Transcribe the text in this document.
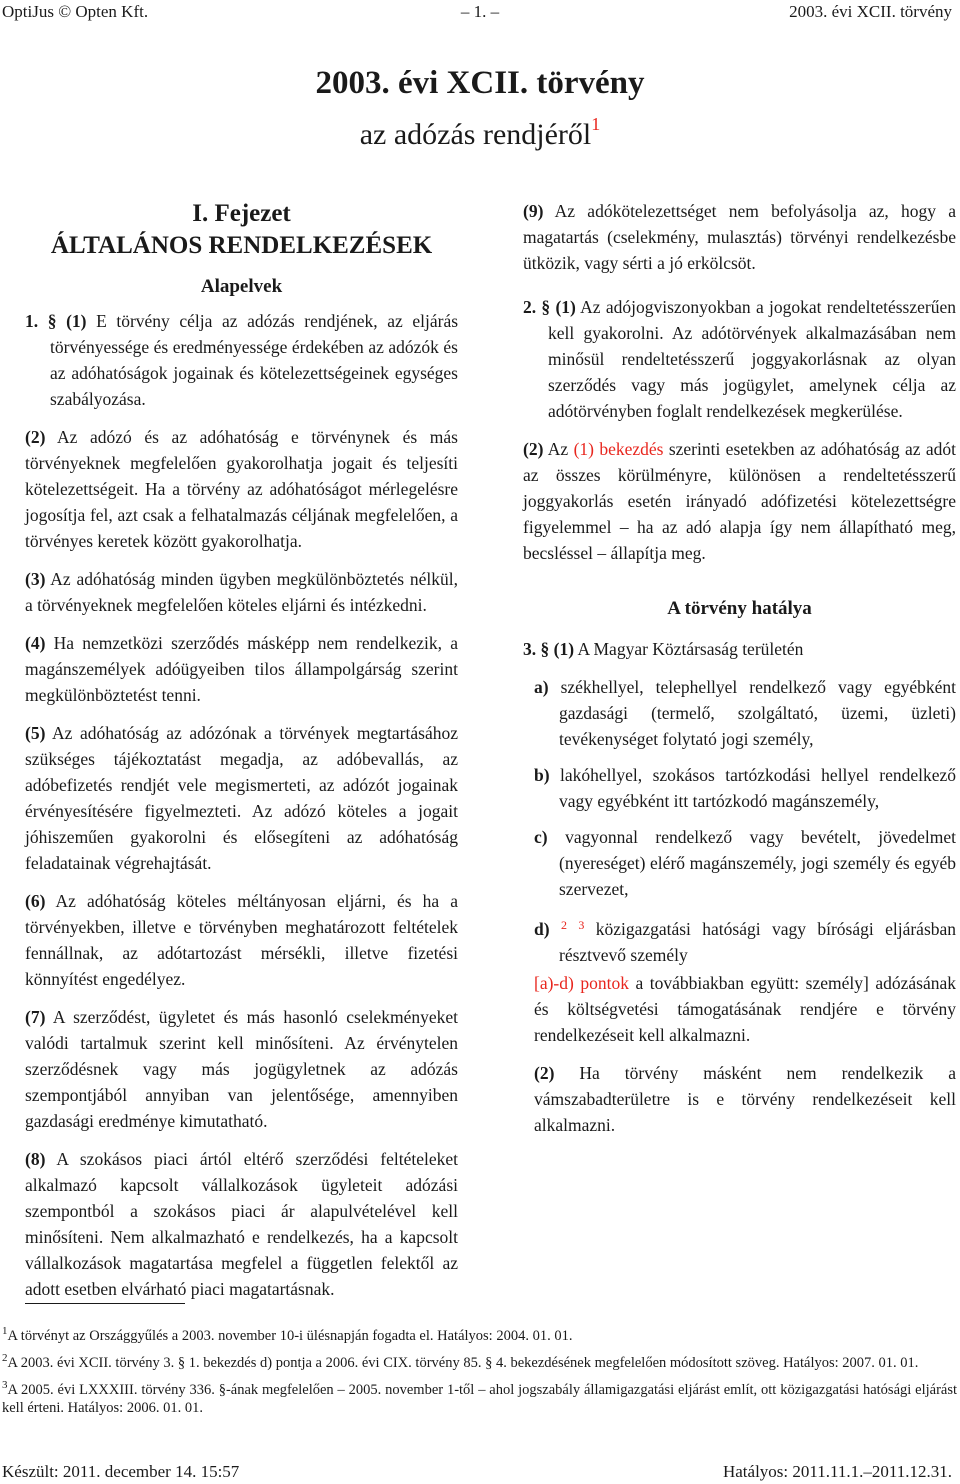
OptiJus © Opten Kft.	– 1. –	2003. évi XCII. törvény
2003. évi XCII. törvény
az adózás rendjéről$^1$
I. Fejezet
ÁLTALÁNOS RENDELKEZÉSEK
Alapelvek

1. § (1) E törvény célja az adózás rendjének, az eljárás törvényessége és eredményessége érdekében az adózók és az adóhatóságok jogainak és kötelezettségeinek egységes szabályozása.

(2) Az adózó és az adóhatóság e törvénynek és más törvényeknek megfelelően gyakorolhatja jogait és teljesíti kötelezettségeit. Ha a törvény az adóhatóságot mérlegelésre jogosítja fel, azt csak a felhatalmazás céljának megfelelően, a törvényes keretek között gyakorolhatja.

(3) Az adóhatóság minden ügyben megkülönböztetés nélkül, a törvényeknek megfelelően köteles eljárni és intézkedni.

(4) Ha nemzetközi szerződés másképp nem rendelkezik, a magánszemélyek adóügyeiben tilos állampolgárság szerint megkülönböztetést tenni.

(5) Az adóhatóság az adózónak a törvények megtartásához szükséges tájékoztatást megadja, az adóbevallás, az adóbefizetés rendjét vele megismerteti, az adózót jogainak érvényesítésére figyelmezteti. Az adózó köteles a jogait jóhiszeműen gyakorolni és elősegíteni az adóhatóság feladatainak végrehajtását.

(6) Az adóhatóság köteles méltányosan eljárni, és ha a törvényekben, illetve e törvényben meghatározott feltételek fennállnak, az adótartozást mérsékli, illetve fizetési könnyítést engedélyez.

(7) A szerződést, ügyletet és más hasonló cselekményeket valódi tartalmuk szerint kell minősíteni. Az érvénytelen szerződésnek vagy más jogügyletnek az adózás szempontjából annyiban van jelentősége, amennyiben gazdasági eredménye kimutatható.

(8) A szokásos piaci ártól eltérő szerződési feltételeket alkalmazó kapcsolt vállalkozások ügyleteit adózási szempontból a szokásos piaci ár alapulvételével kell minősíteni. Nem alkalmazható e rendelkezés, ha a kapcsolt vállalkozások magatartása megfelel a független felektől az adott esetben elvárható piaci magatartásnak.

(9) Az adókötelezettséget nem befolyásolja az, hogy a magatartás (cselekmény, mulasztás) törvényi rendelkezésbe ütközik, vagy sérti a jó erkölcsöt.

2. § (1) Az adójogviszonyokban a jogokat rendeltetésszerűen kell gyakorolni. Az adótörvények alkalmazásában nem minősül rendeltetésszerű joggyakorlásnak az olyan szerződés vagy más jogügylet, amelynek célja az adótörvényben foglalt rendelkezések megkerülése.

(2) Az (1) bekezdés szerinti esetekben az adóhatóság az adót az összes körülményre, különösen a rendeltetésszerű joggyakorlás esetén irányadó adófizetési kötelezettségre figyelemmel – ha az adó alapja így nem állapítható meg, becsléssel – állapítja meg.

A törvény hatálya

3. § (1) A Magyar Köztársaság területén

a) székhellyel, telephellyel rendelkező vagy egyébként gazdasági (termelő, szolgáltató, üzemi, üzleti) tevékenységet folytató jogi személy,
b) lakóhellyel, szokásos tartózkodási hellyel rendelkező vagy egyébként itt tartózkodó magánszemély,
c) vagyonnal rendelkező vagy bevételt, jövedelmet (nyereséget) elérő magánszemély, jogi személy és egyéb szervezet,
d) $^2$ $^3$ közigazgatási hatósági vagy bírósági eljárásban résztvevő személy

[a)-d) pontok a továbbiakban együtt: személy] adózásának és költségvetési támogatásának rendjére e törvény rendelkezéseit kell alkalmazni.

(2) Ha törvény másként nem rendelkezik a vámszabadterületre is e törvény rendelkezéseit kell alkalmazni.

$^1$A törvényt az Országgyűlés a 2003. november 10-i ülésnapján fogadta el. Hatályos: 2004. 01. 01.
$^2$A 2003. évi XCII. törvény 3. § 1. bekezdés d) pontja a 2006. évi CIX. törvény 85. § 4. bekezdésének megfelelően módosított szöveg. Hatályos: 2007. 01. 01.
$^3$A 2005. évi LXXXIII. törvény 336. §-ának megfelelően – 2005. november 1-től – ahol jogszabály államigazgatási eljárást említ, ott közigazgatási hatósági eljárást kell érteni. Hatályos: 2006. 01. 01.
Készült: 2011. december 14. 15:57	Hatályos: 2011.11.1.–2011.12.31.
